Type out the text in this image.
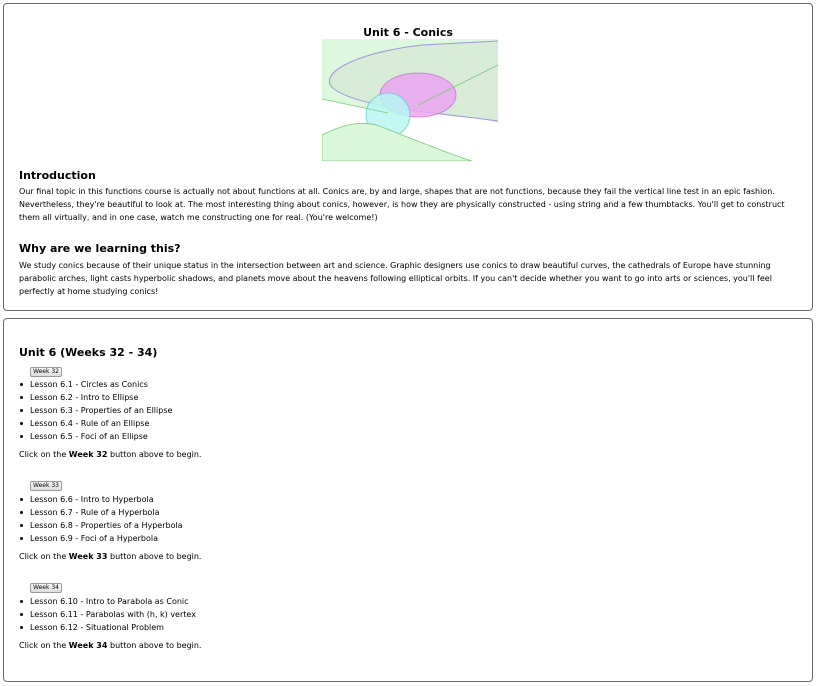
Unit 6 - Conics
Introduction
Our final topic in this functions course is actually not about functions at all. Conics are, by and large, shapes that are not functions, because they fail the vertical line test in an epic fashion. Nevertheless, they're beautiful to look at. The most interesting thing about conics, however, is how they are physically constructed - using string and a few thumbtacks. You'll get to construct them all virtually, and in one case, watch me constructing one for real. (You're welcome!)
Why are we learning this?
We study conics because of their unique status in the intersection between art and science. Graphic designers use conics to draw beautiful curves, the cathedrals of Europe have stunning parabolic arches, light casts hyperbolic shadows, and planets move about the heavens following elliptical orbits. If you can't decide whether you want to go into arts or sciences, you'll feel perfectly at home studying conics!
Unit 6 (Weeks 32 - 34)
Week 32
Lesson 6.1 - Circles as Conics
Lesson 6.2 - Intro to Ellipse
Lesson 6.3 - Properties of an Ellipse
Lesson 6.4 - Rule of an Ellipse
Lesson 6.5 - Foci of an Ellipse
Click on the Week 32 button above to begin.
Week 33
Lesson 6.6 - Intro to Hyperbola
Lesson 6.7 - Rule of a Hyperbola
Lesson 6.8 - Properties of a Hyperbola
Lesson 6.9 - Foci of a Hyperbola
Click on the Week 33 button above to begin.
Week 34
Lesson 6.10 - Intro to Parabola as Conic
Lesson 6.11 - Parabolas with (h, k) vertex
Lesson 6.12 - Situational Problem
Click on the Week 34 button above to begin.
